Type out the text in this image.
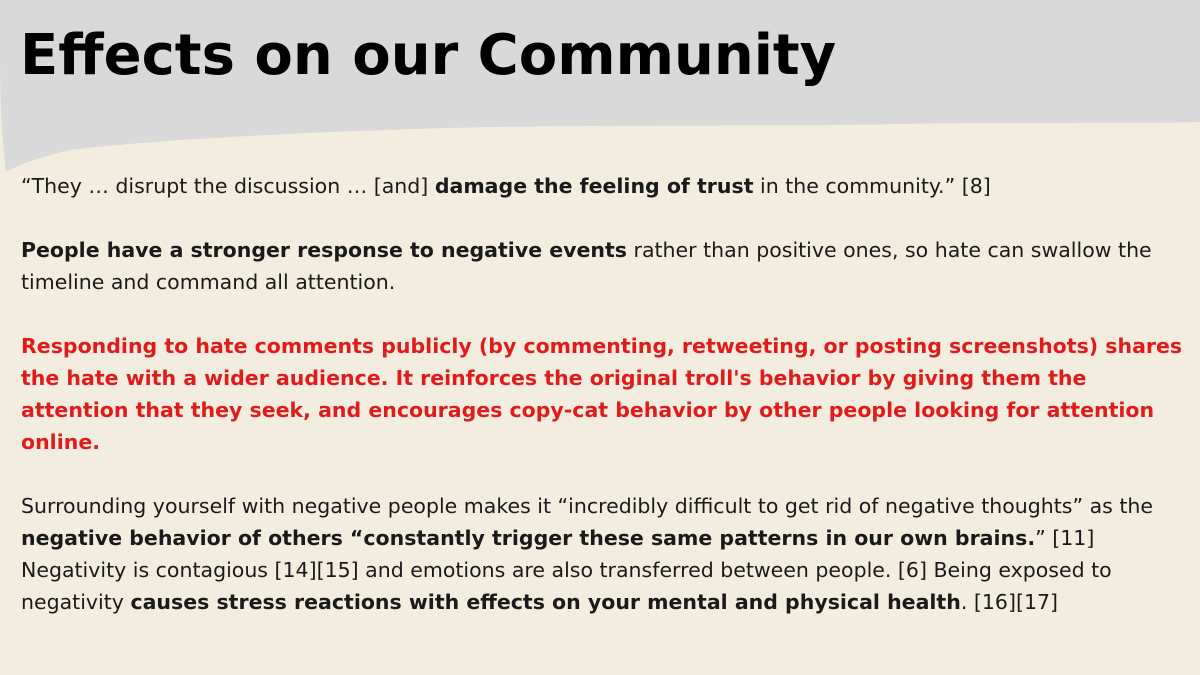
Effects on our Community

“They … disrupt the discussion … [and] damage the feeling of trust in the community.” [8]

People have a stronger response to negative events rather than positive ones, so hate can swallow the timeline and command all attention.

Responding to hate comments publicly (by commenting, retweeting, or posting screenshots) shares the hate with a wider audience. It reinforces the original troll's behavior by giving them the attention that they seek, and encourages copy-cat behavior by other people looking for attention online.

Surrounding yourself with negative people makes it “incredibly difficult to get rid of negative thoughts” as the negative behavior of others “constantly trigger these same patterns in our own brains.” [11] Negativity is contagious [14][15] and emotions are also transferred between people. [6] Being exposed to negativity causes stress reactions with effects on your mental and physical health. [16][17]
